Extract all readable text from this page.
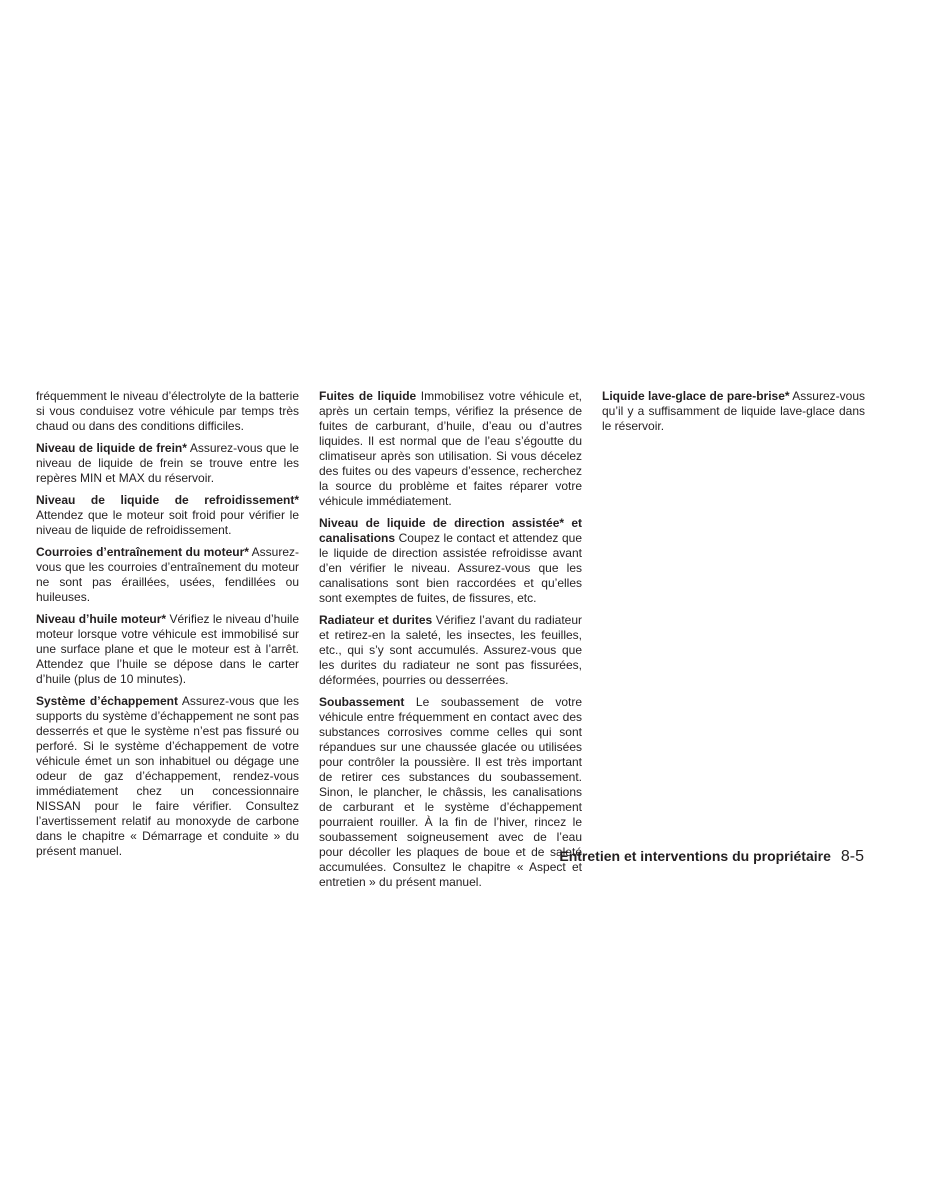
fréquemment le niveau d’électrolyte de la batterie si vous conduisez votre véhicule par temps très chaud ou dans des conditions difficiles.

Niveau de liquide de frein* Assurez-vous que le niveau de liquide de frein se trouve entre les repères MIN et MAX du réservoir.

Niveau de liquide de refroidissement* Attendez que le moteur soit froid pour vérifier le niveau de liquide de refroidissement.

Courroies d’entraînement du moteur* Assurez-vous que les courroies d’entraînement du moteur ne sont pas éraillées, usées, fendillées ou huileuses.

Niveau d’huile moteur* Vérifiez le niveau d’huile moteur lorsque votre véhicule est immobilisé sur une surface plane et que le moteur est à l’arrêt. Attendez que l’huile se dépose dans le carter d’huile (plus de 10 minutes).

Système d’échappement Assurez-vous que les supports du système d’échappement ne sont pas desserrés et que le système n’est pas fissuré ou perforé. Si le système d’échappement de votre véhicule émet un son inhabituel ou dégage une odeur de gaz d’échappement, rendez-vous immédiatement chez un concessionnaire NISSAN pour le faire vérifier. Consultez l’avertissement relatif au monoxyde de carbone dans le chapitre « Démarrage et conduite » du présent manuel.

Fuites de liquide Immobilisez votre véhicule et, après un certain temps, vérifiez la présence de fuites de carburant, d’huile, d’eau ou d’autres liquides. Il est normal que de l’eau s’égoutte du climatiseur après son utilisation. Si vous décelez des fuites ou des vapeurs d’essence, recherchez la source du problème et faites réparer votre véhicule immédiatement.

Niveau de liquide de direction assistée* et canalisations Coupez le contact et attendez que le liquide de direction assistée refroidisse avant d’en vérifier le niveau. Assurez-vous que les canalisations sont bien raccordées et qu’elles sont exemptes de fuites, de fissures, etc.

Radiateur et durites Vérifiez l’avant du radiateur et retirez-en la saleté, les insectes, les feuilles, etc., qui s’y sont accumulés. Assurez-vous que les durites du radiateur ne sont pas fissurées, déformées, pourries ou desserrées.

Soubassement Le soubassement de votre véhicule entre fréquemment en contact avec des substances corrosives comme celles qui sont répandues sur une chaussée glacée ou utilisées pour contrôler la poussière. Il est très important de retirer ces substances du soubassement. Sinon, le plancher, le châssis, les canalisations de carburant et le système d’échappement pourraient rouiller. À la fin de l’hiver, rincez le soubassement soigneusement avec de l’eau pour décoller les plaques de boue et de saleté accumulées. Consultez le chapitre « Aspect et entretien » du présent manuel.

Liquide lave-glace de pare-brise* Assurez-vous qu’il y a suffisamment de liquide lave-glace dans le réservoir.

Entretien et interventions du propriétaire 8-5
